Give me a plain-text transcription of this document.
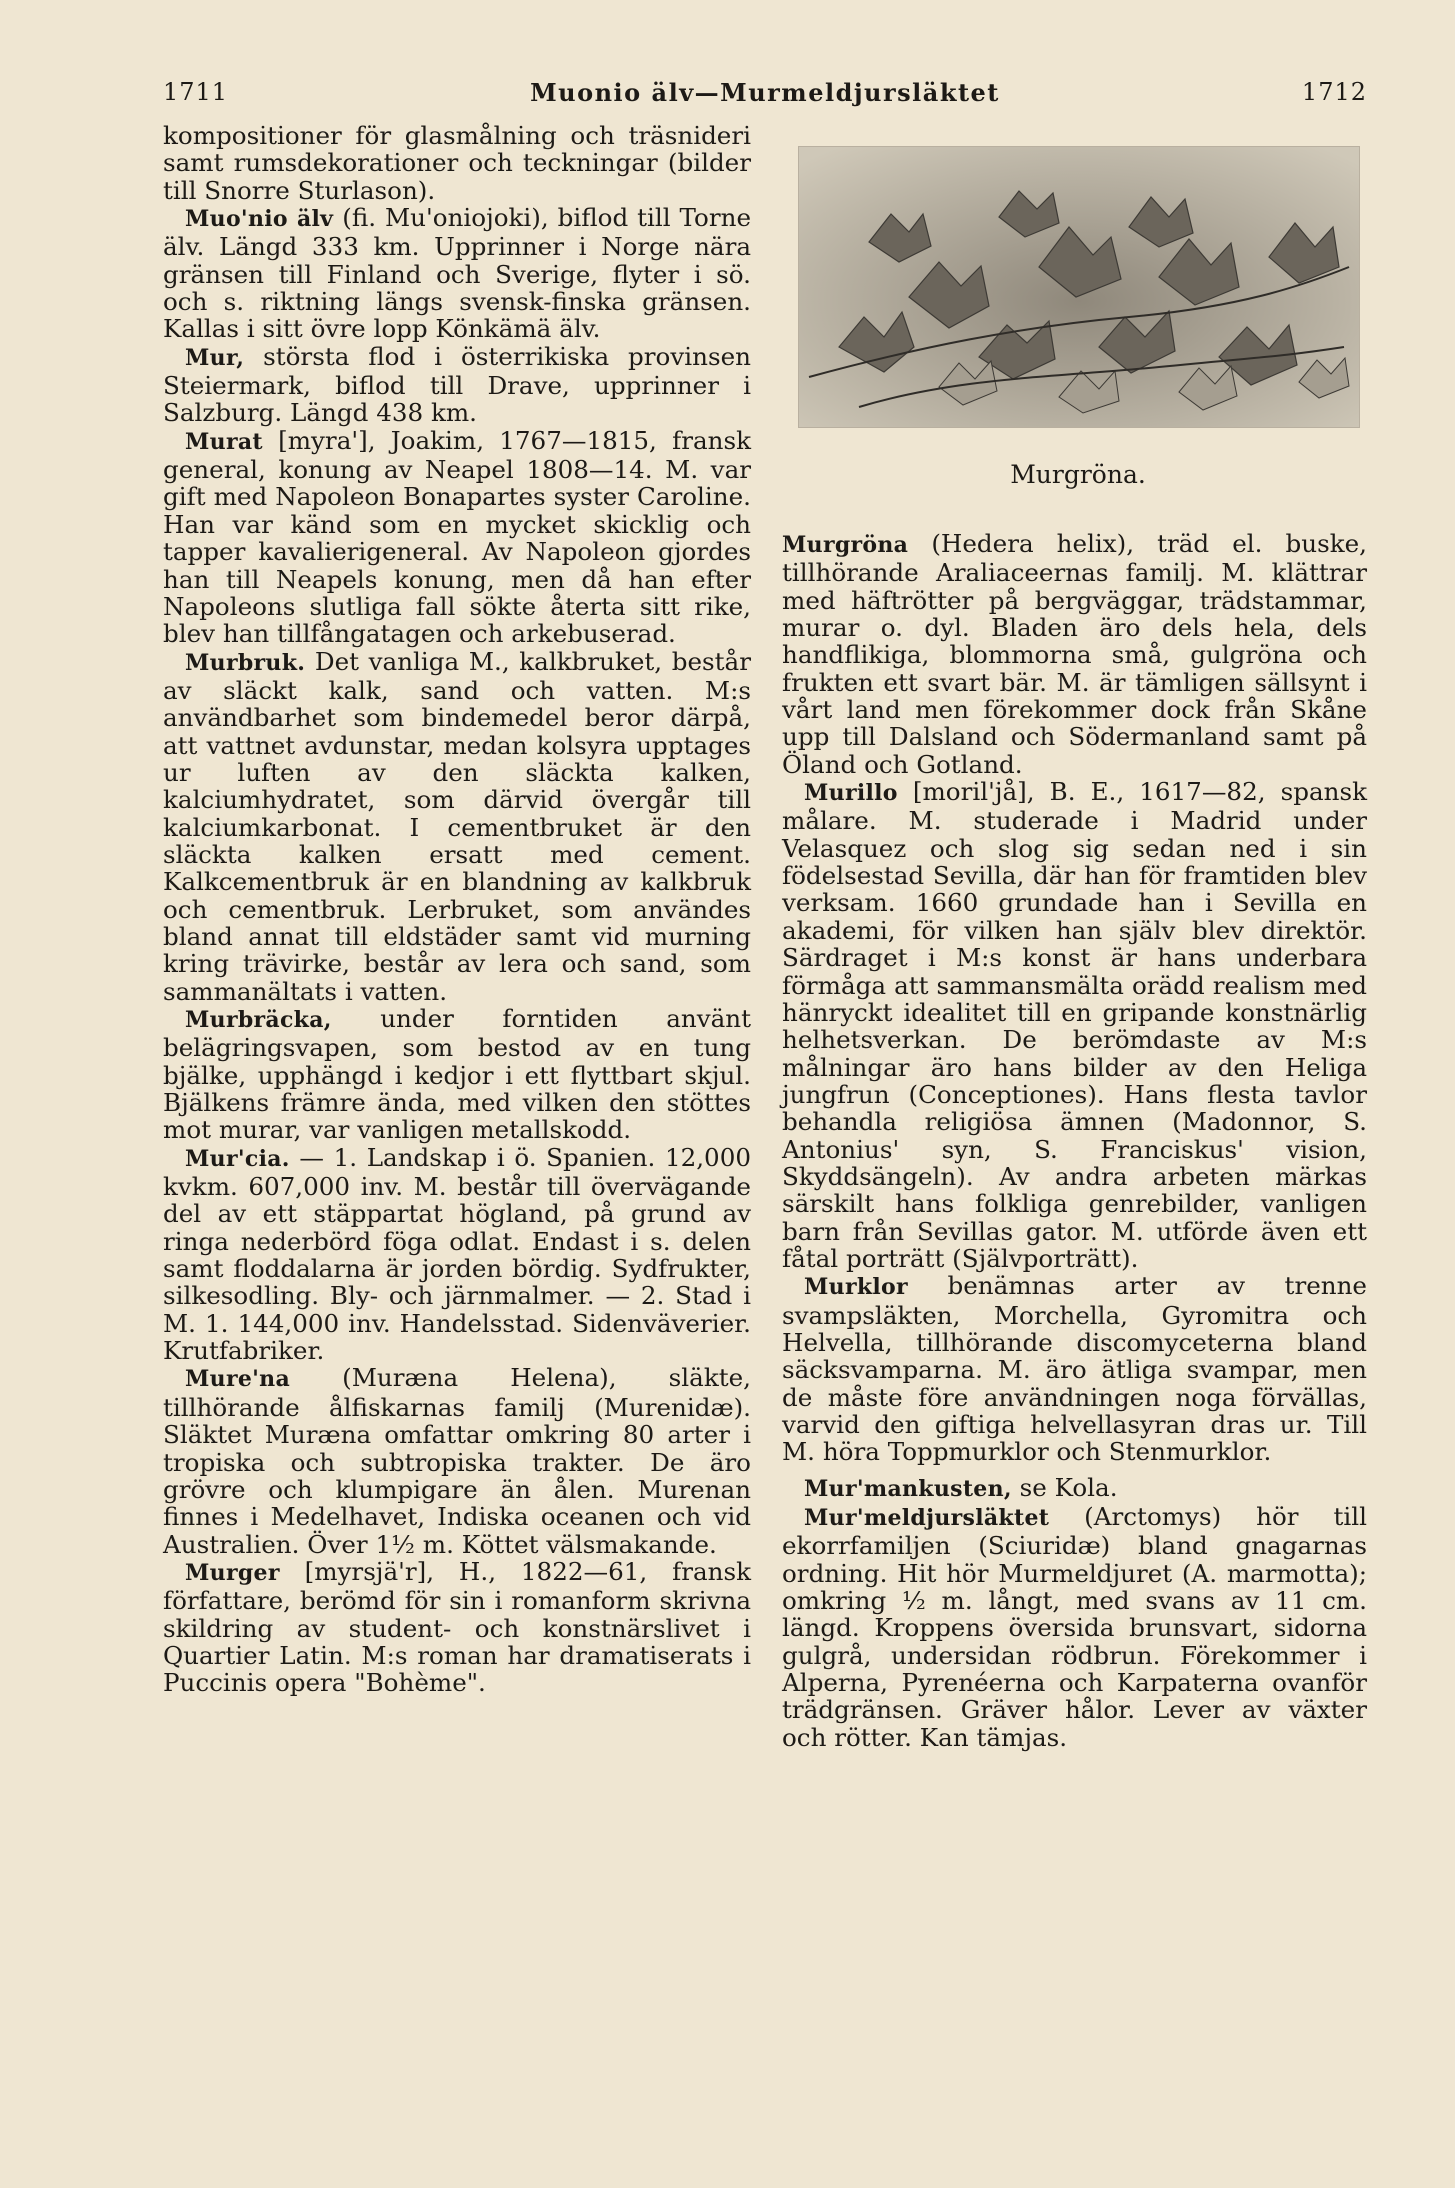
1711	Muonio älv—Murmeldjursläktet	1712

kompositioner för glasmålning och träsnideri samt rumsdekorationer och teckningar (bilder till Snorre Sturlason).

Muo'nio älv (fi. Mu'oniojoki), biflod till Torne älv. Längd 333 km. Upprinner i Norge nära gränsen till Finland och Sverige, flyter i sö. och s. riktning längs svensk-finska gränsen. Kallas i sitt övre lopp Könkämä älv.

Mur, största flod i österrikiska provinsen Steiermark, biflod till Drave, upprinner i Salzburg. Längd 438 km.

Murat [myra'], Joakim, 1767—1815, fransk general, konung av Neapel 1808—14. M. var gift med Napoleon Bonapartes syster Caroline. Han var känd som en mycket skicklig och tapper kavalierigeneral. Av Napoleon gjordes han till Neapels konung, men då han efter Napoleons slutliga fall sökte återta sitt rike, blev han tillfångatagen och arkebuserad.

Murbruk. Det vanliga M., kalkbruket, består av släckt kalk, sand och vatten. M:s användbarhet som bindemedel beror därpå, att vattnet avdunstar, medan kolsyra upptages ur luften av den släckta kalken, kalciumhydratet, som därvid övergår till kalciumkarbonat. I cementbruket är den släckta kalken ersatt med cement. Kalkcementbruk är en blandning av kalkbruk och cementbruk. Lerbruket, som användes bland annat till eldstäder samt vid murning kring trävirke, består av lera och sand, som sammanältats i vatten.

Murbräcka, under forntiden använt belägringsvapen, som bestod av en tung bjälke, upphängd i kedjor i ett flyttbart skjul. Bjälkens främre ända, med vilken den stöttes mot murar, var vanligen metallskodd.

Mur'cia. — 1. Landskap i ö. Spanien. 12,000 kvkm. 607,000 inv. M. består till övervägande del av ett stäppartat högland, på grund av ringa nederbörd föga odlat. Endast i s. delen samt floddalarna är jorden bördig. Sydfrukter, silkesodling. Bly- och järnmalmer. — 2. Stad i M. 1. 144,000 inv. Handelsstad. Sidenväverier. Krutfabriker.

Mure'na (Muræna Helena), släkte, tillhörande ålfiskarnas familj (Murenidæ). Släktet Muræna omfattar omkring 80 arter i tropiska och subtropiska trakter. De äro grövre och klumpigare än ålen. Murenan finnes i Medelhavet, Indiska oceanen och vid Australien. Över 1½ m. Köttet välsmakande.

Murger [myrsjä'r], H., 1822—61, fransk författare, berömd för sin i romanform skrivna skildring av student- och konstnärslivet i Quartier Latin. M:s roman har dramatiserats i Puccinis opera "Bohème".

Murgröna.

Murgröna (Hedera helix), träd el. buske, tillhörande Araliaceernas familj. M. klättrar med häftrötter på bergväggar, trädstammar, murar o. dyl. Bladen äro dels hela, dels handflikiga, blommorna små, gulgröna och frukten ett svart bär. M. är tämligen sällsynt i vårt land men förekommer dock från Skåne upp till Dalsland och Södermanland samt på Öland och Gotland.

Murillo [moril'jå], B. E., 1617—82, spansk målare. M. studerade i Madrid under Velasquez och slog sig sedan ned i sin födelsestad Sevilla, där han för framtiden blev verksam. 1660 grundade han i Sevilla en akademi, för vilken han själv blev direktör. Särdraget i M:s konst är hans underbara förmåga att sammansmälta orädd realism med hänryckt idealitet till en gripande konstnärlig helhetsverkan. De berömdaste av M:s målningar äro hans bilder av den Heliga jungfrun (Conceptiones). Hans flesta tavlor behandla religiösa ämnen (Madonnor, S. Antonius' syn, S. Franciskus' vision, Skyddsängeln). Av andra arbeten märkas särskilt hans folkliga genrebilder, vanligen barn från Sevillas gator. M. utförde även ett fåtal porträtt (Självporträtt).

Murklor benämnas arter av trenne svampsläkten, Morchella, Gyromitra och Helvella, tillhörande discomyceterna bland säcksvamparna. M. äro ätliga svampar, men de måste före användningen noga förvällas, varvid den giftiga helvellasyran dras ur. Till M. höra Toppmurklor och Stenmurklor.

Mur'mankusten, se Kola.

Mur'meldjursläktet (Arctomys) hör till ekorrfamiljen (Sciuridæ) bland gnagarnas ordning. Hit hör Murmeldjuret (A. marmotta); omkring ½ m. långt, med svans av 11 cm. längd. Kroppens översida brunsvart, sidorna gulgrå, undersidan rödbrun. Förekommer i Alperna, Pyrenéerna och Karpaterna ovanför trädgränsen. Gräver hålor. Lever av växter och rötter. Kan tämjas.
